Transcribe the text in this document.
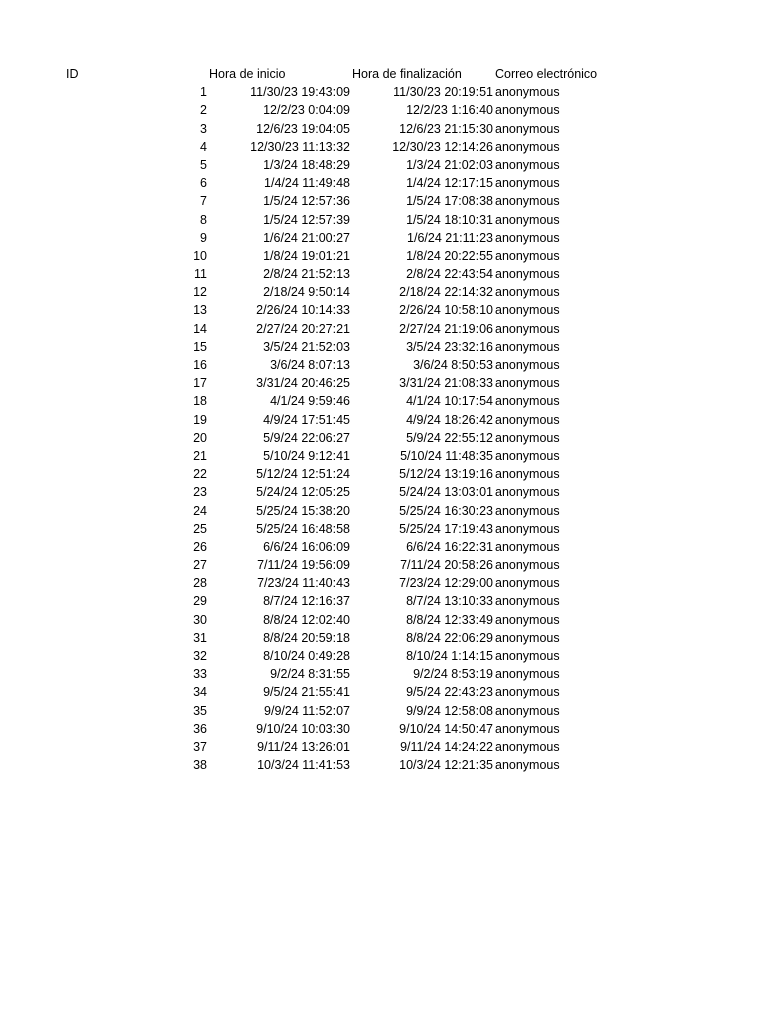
ID	Hora de inicio	Hora de finalización	Correo electrónico
1	11/30/23 19:43:09	11/30/23 20:19:51 anonymous
2	12/2/23 0:04:09	12/2/23 1:16:40 anonymous
3	12/6/23 19:04:05	12/6/23 21:15:30 anonymous
4	12/30/23 11:13:32	12/30/23 12:14:26 anonymous
5	1/3/24 18:48:29	1/3/24 21:02:03 anonymous
6	1/4/24 11:49:48	1/4/24 12:17:15 anonymous
7	1/5/24 12:57:36	1/5/24 17:08:38 anonymous
8	1/5/24 12:57:39	1/5/24 18:10:31 anonymous
9	1/6/24 21:00:27	1/6/24 21:11:23 anonymous
10	1/8/24 19:01:21	1/8/24 20:22:55 anonymous
11	2/8/24 21:52:13	2/8/24 22:43:54 anonymous
12	2/18/24 9:50:14	2/18/24 22:14:32 anonymous
13	2/26/24 10:14:33	2/26/24 10:58:10 anonymous
14	2/27/24 20:27:21	2/27/24 21:19:06 anonymous
15	3/5/24 21:52:03	3/5/24 23:32:16 anonymous
16	3/6/24 8:07:13	3/6/24 8:50:53 anonymous
17	3/31/24 20:46:25	3/31/24 21:08:33 anonymous
18	4/1/24 9:59:46	4/1/24 10:17:54 anonymous
19	4/9/24 17:51:45	4/9/24 18:26:42 anonymous
20	5/9/24 22:06:27	5/9/24 22:55:12 anonymous
21	5/10/24 9:12:41	5/10/24 11:48:35 anonymous
22	5/12/24 12:51:24	5/12/24 13:19:16 anonymous
23	5/24/24 12:05:25	5/24/24 13:03:01 anonymous
24	5/25/24 15:38:20	5/25/24 16:30:23 anonymous
25	5/25/24 16:48:58	5/25/24 17:19:43 anonymous
26	6/6/24 16:06:09	6/6/24 16:22:31 anonymous
27	7/11/24 19:56:09	7/11/24 20:58:26 anonymous
28	7/23/24 11:40:43	7/23/24 12:29:00 anonymous
29	8/7/24 12:16:37	8/7/24 13:10:33 anonymous
30	8/8/24 12:02:40	8/8/24 12:33:49 anonymous
31	8/8/24 20:59:18	8/8/24 22:06:29 anonymous
32	8/10/24 0:49:28	8/10/24 1:14:15 anonymous
33	9/2/24 8:31:55	9/2/24 8:53:19 anonymous
34	9/5/24 21:55:41	9/5/24 22:43:23 anonymous
35	9/9/24 11:52:07	9/9/24 12:58:08 anonymous
36	9/10/24 10:03:30	9/10/24 14:50:47 anonymous
37	9/11/24 13:26:01	9/11/24 14:24:22 anonymous
38	10/3/24 11:41:53	10/3/24 12:21:35 anonymous
